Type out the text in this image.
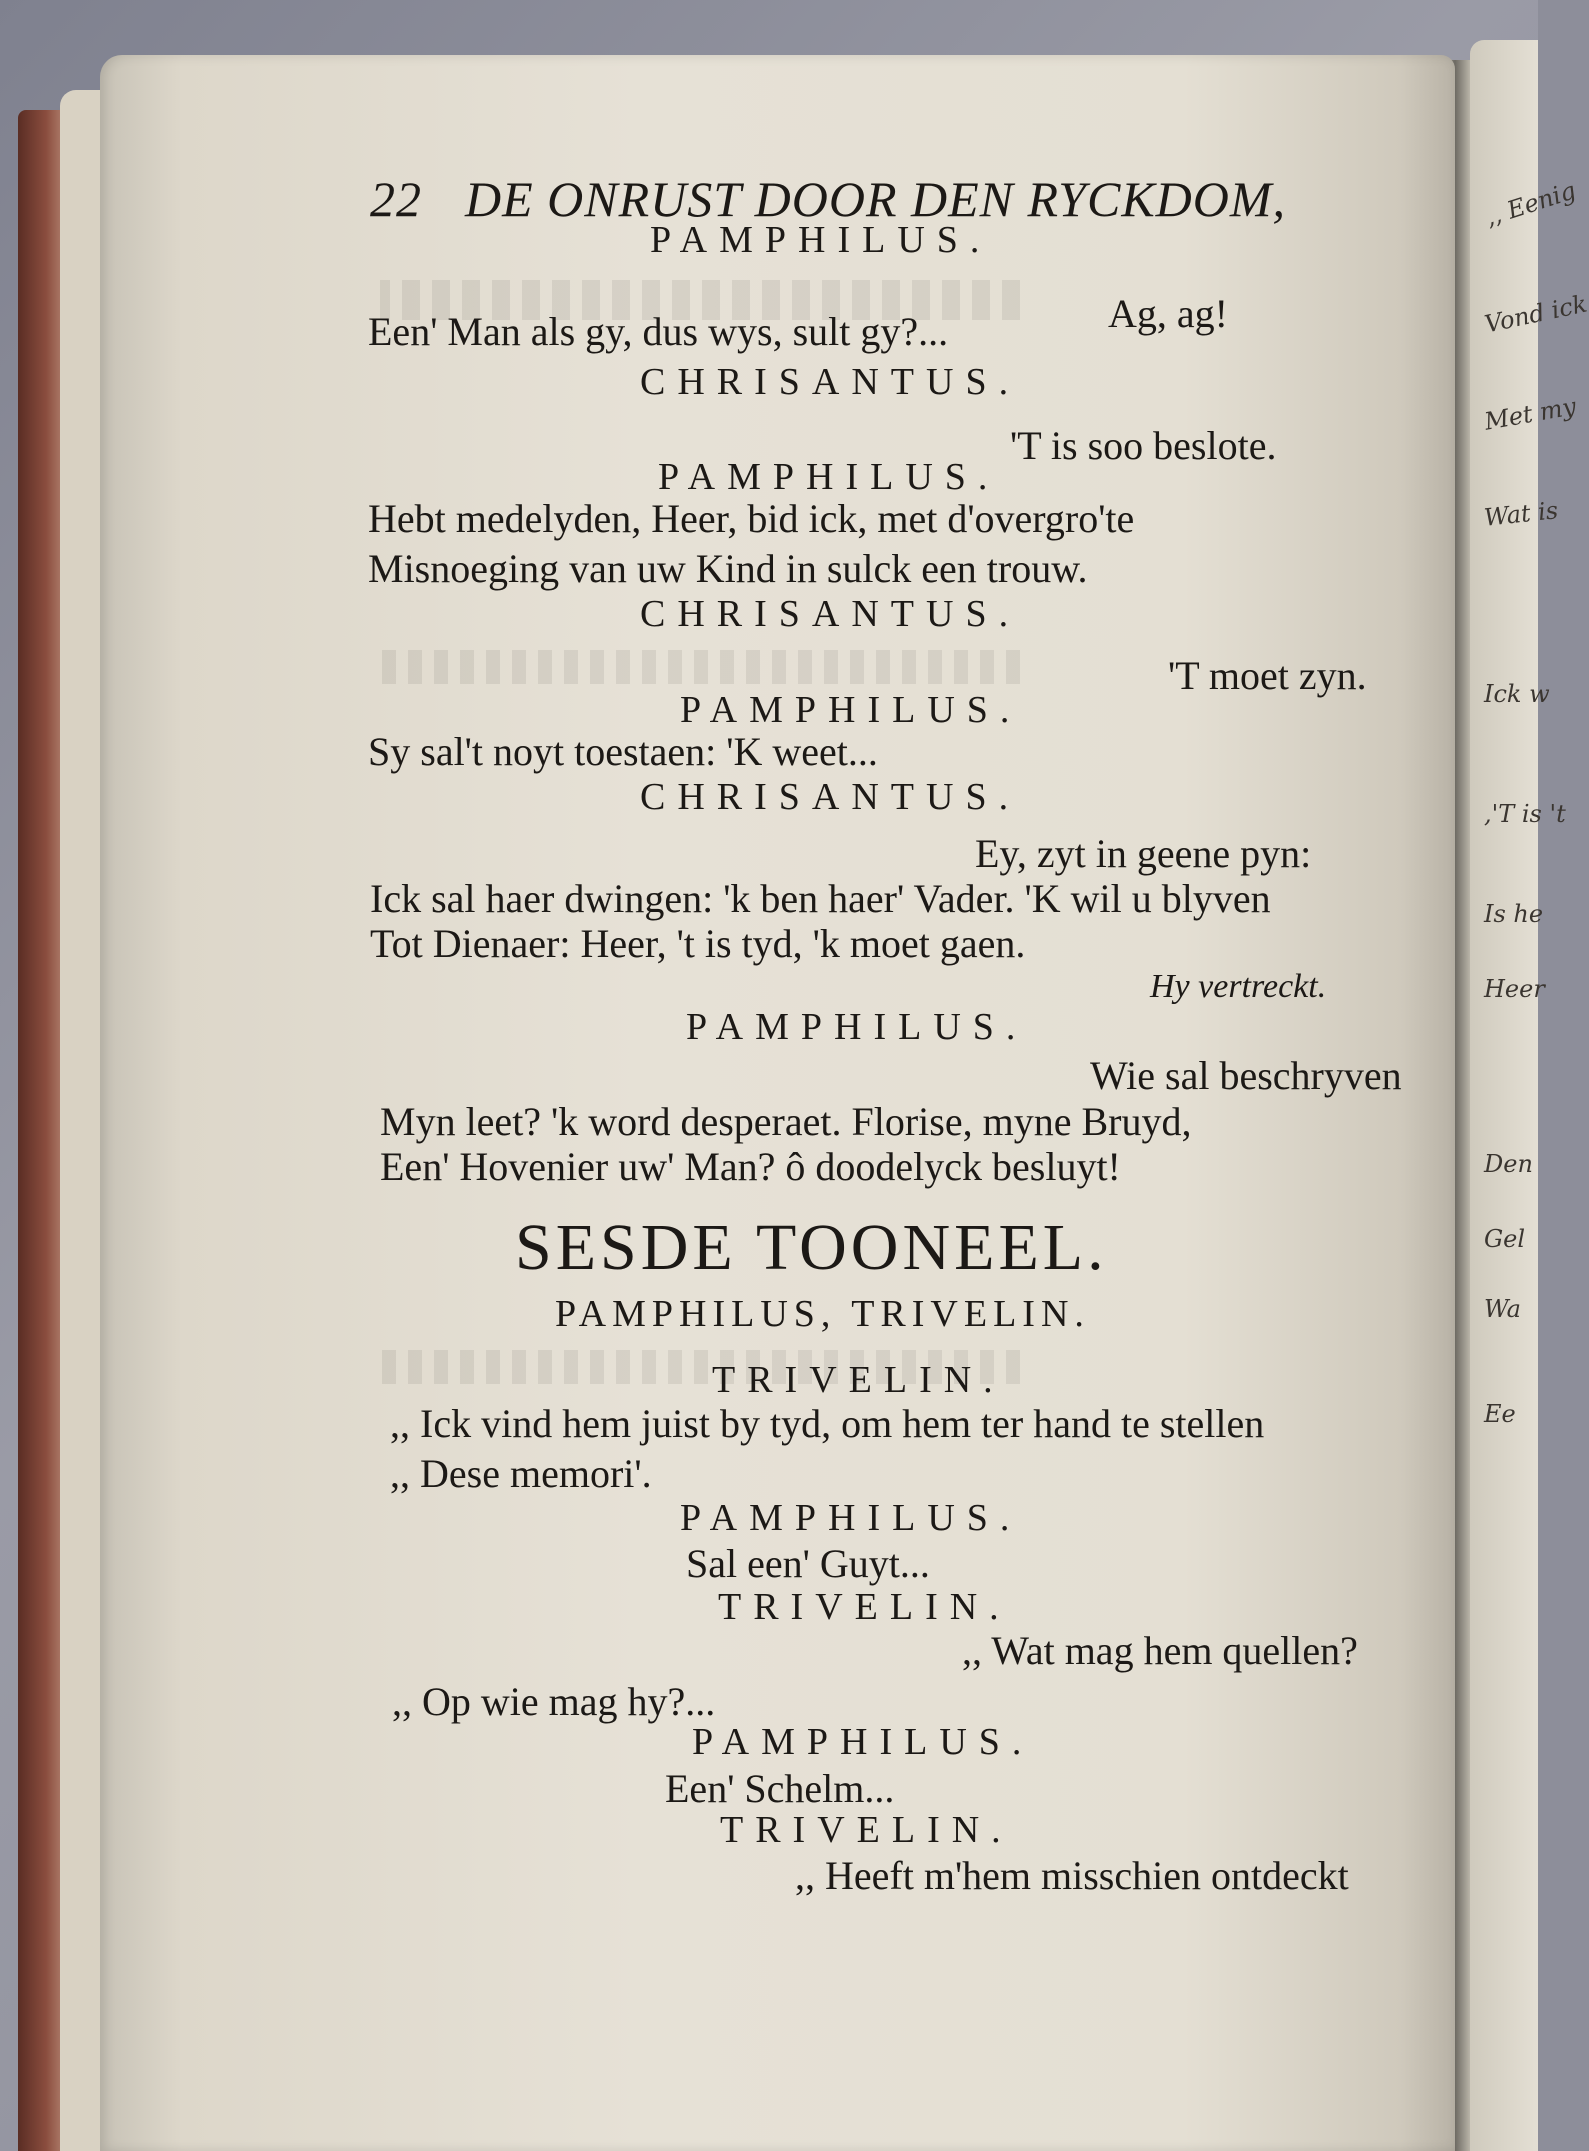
,, Eenig
Vond ick
Met my
Wat is
Ick w
,'T is 't
Is he
Heer
Den
Gel
Wa
Ee
22 DE ONRUST DOOR DEN RYCKDOM,
PAMPHILUS.
Ag, ag!
Een' Man als gy, dus wys, sult gy?...
CHRISANTUS.
'T is soo beslote.
PAMPHILUS.
Hebt medelyden, Heer, bid ick, met d'overgro'te
Misnoeging van uw Kind in sulck een trouw.
CHRISANTUS.
'T moet zyn.
PAMPHILUS.
Sy sal't noyt toestaen: 'K weet...
CHRISANTUS.
Ey, zyt in geene pyn:
Ick sal haer dwingen: 'k ben haer' Vader. 'K wil u blyven
Tot Dienaer: Heer, 't is tyd, 'k moet gaen.
Hy vertreckt.
PAMPHILUS.
Wie sal beschryven
Myn leet? 'k word desperaet. Florise, myne Bruyd,
Een' Hovenier uw' Man? ô doodelyck besluyt!
SESDE TOONEEL.
PAMPHILUS, TRIVELIN.
TRIVELIN.
,, Ick vind hem juist by tyd, om hem ter hand te stellen
,, Dese memori'.
PAMPHILUS.
Sal een' Guyt...
TRIVELIN.
,, Wat mag hem quellen?
,, Op wie mag hy?...
PAMPHILUS.
Een' Schelm...
TRIVELIN.
,, Heeft m'hem misschien ontdeckt
